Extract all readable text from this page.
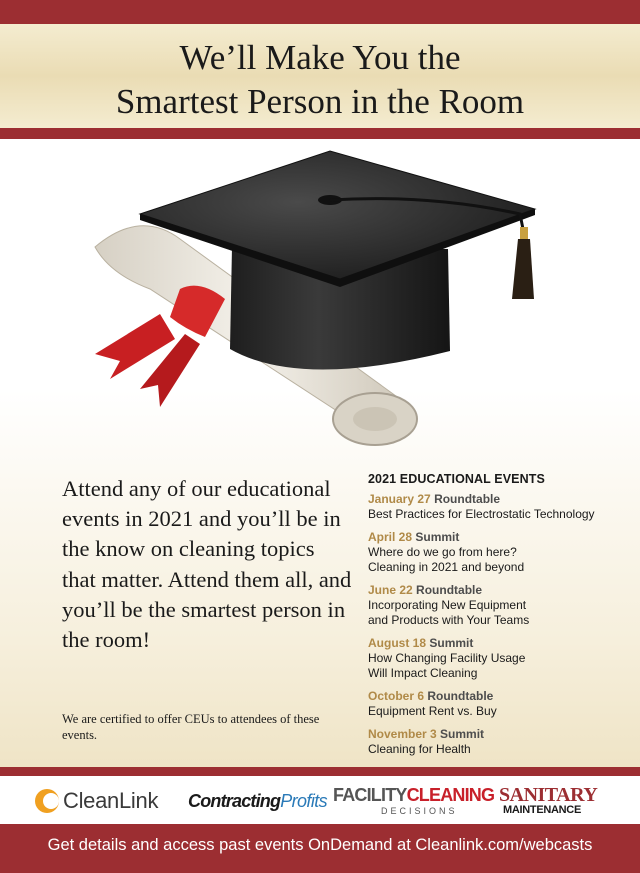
We’ll Make You the
Smartest Person in the Room
Attend any of our educational events in 2021 and you’ll be in the know on cleaning topics that matter. Attend them all, and you’ll be the smartest person in the room!
We are certified to offer CEUs to attendees of these events.
2021 EDUCATIONAL EVENTS
January 27 Roundtable
Best Practices for Electrostatic Technology
April 28 Summit
Where do we go from here?
Cleaning in 2021 and beyond
June 22 Roundtable
Incorporating New Equipment
and Products with Your Teams
August 18 Summit
How Changing Facility Usage
Will Impact Cleaning
October 6 Roundtable
Equipment Rent vs. Buy
November 3 Summit
Cleaning for Health
CleanLink Contracting Profits FACILITYCLEANING
DECISIONS
SANITARY
MAINTENANCE
Get details and access past events OnDemand at Cleanlink.com/webcasts
